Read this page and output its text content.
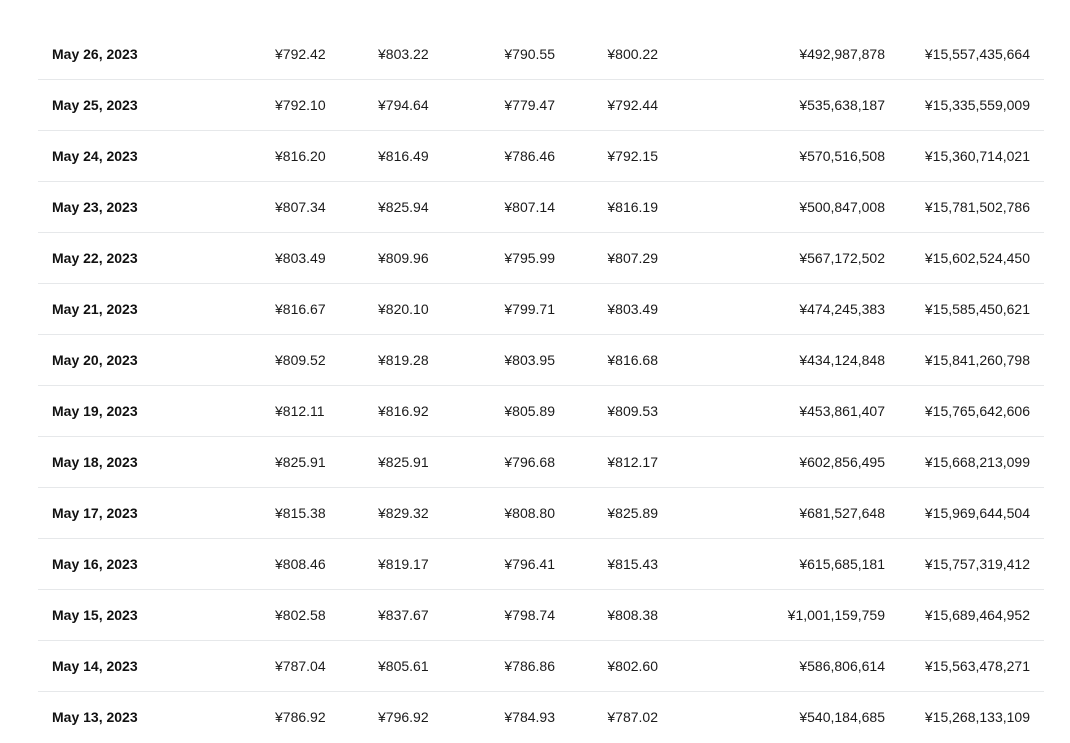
May 26, 2023	¥792.42	¥803.22	¥790.55	¥800.22	¥492,987,878	¥15,557,435,664
May 25, 2023	¥792.10	¥794.64	¥779.47	¥792.44	¥535,638,187	¥15,335,559,009
May 24, 2023	¥816.20	¥816.49	¥786.46	¥792.15	¥570,516,508	¥15,360,714,021
May 23, 2023	¥807.34	¥825.94	¥807.14	¥816.19	¥500,847,008	¥15,781,502,786
May 22, 2023	¥803.49	¥809.96	¥795.99	¥807.29	¥567,172,502	¥15,602,524,450
May 21, 2023	¥816.67	¥820.10	¥799.71	¥803.49	¥474,245,383	¥15,585,450,621
May 20, 2023	¥809.52	¥819.28	¥803.95	¥816.68	¥434,124,848	¥15,841,260,798
May 19, 2023	¥812.11	¥816.92	¥805.89	¥809.53	¥453,861,407	¥15,765,642,606
May 18, 2023	¥825.91	¥825.91	¥796.68	¥812.17	¥602,856,495	¥15,668,213,099
May 17, 2023	¥815.38	¥829.32	¥808.80	¥825.89	¥681,527,648	¥15,969,644,504
May 16, 2023	¥808.46	¥819.17	¥796.41	¥815.43	¥615,685,181	¥15,757,319,412
May 15, 2023	¥802.58	¥837.67	¥798.74	¥808.38	¥1,001,159,759	¥15,689,464,952
May 14, 2023	¥787.04	¥805.61	¥786.86	¥802.60	¥586,806,614	¥15,563,478,271
May 13, 2023	¥786.92	¥796.92	¥784.93	¥787.02	¥540,184,685	¥15,268,133,109
